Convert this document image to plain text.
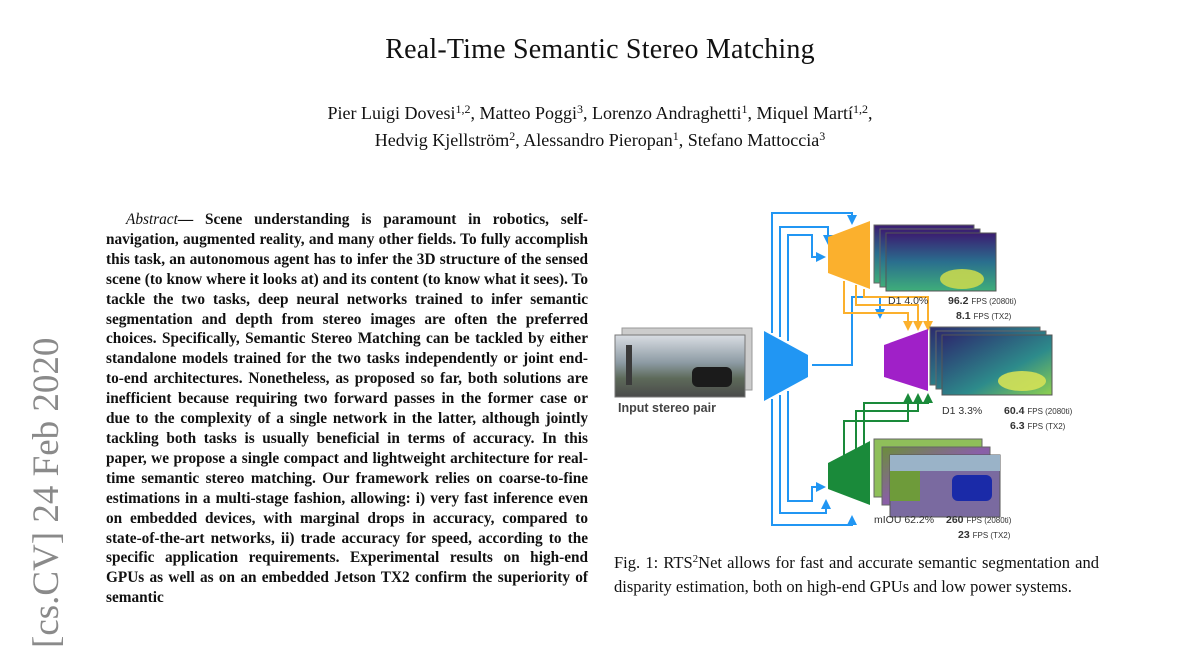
Real-Time Semantic Stereo Matching
Pier Luigi Dovesi$^{1,2}$, Matteo Poggi$^3$, Lorenzo Andraghetti$^1$, Miquel Martí$^{1,2}$,
Hedvig Kjellström$^2$, Alessandro Pieropan$^1$, Stefano Mattoccia$^3$
[cs.CV] 24 Feb 2020

Abstract— Scene understanding is paramount in robotics, self-navigation, augmented reality, and many other fields. To fully accomplish this task, an autonomous agent has to infer the 3D structure of the sensed scene (to know where it looks at) and its content (to know what it sees). To tackle the two tasks, deep neural networks trained to infer semantic segmentation and depth from stereo images are often the preferred choices. Specifically, Semantic Stereo Matching can be tackled by either standalone models trained for the two tasks independently or joint end-to-end architectures. Nonetheless, as proposed so far, both solutions are inefficient because requiring two forward passes in the former case or due to the complexity of a single network in the latter, although jointly tackling both tasks is usually beneficial in terms of accuracy. In this paper, we propose a single compact and lightweight architecture for real-time semantic stereo matching. Our framework relies on coarse-to-fine estimations in a multi-stage fashion, allowing: i) very fast inference even on embedded devices, with marginal drops in accuracy, compared to state-of-the-art networks, ii) trade accuracy for speed, according to the specific application requirements. Experimental results on high-end GPUs as well as on an embedded Jetson TX2 confirm the superiority of semantic

Input stereo pair
D1 4.0% 96.2 FPS (2080ti)
8.1 FPS (TX2)
D1 3.3% 60.4 FPS (2080ti)
6.3 FPS (TX2)
mIOU 62.2% 260 FPS (2080ti)
23 FPS (TX2)
Fig. 1: RTS$^2$Net allows for fast and accurate semantic segmentation and disparity estimation, both on high-end GPUs and low power systems.
